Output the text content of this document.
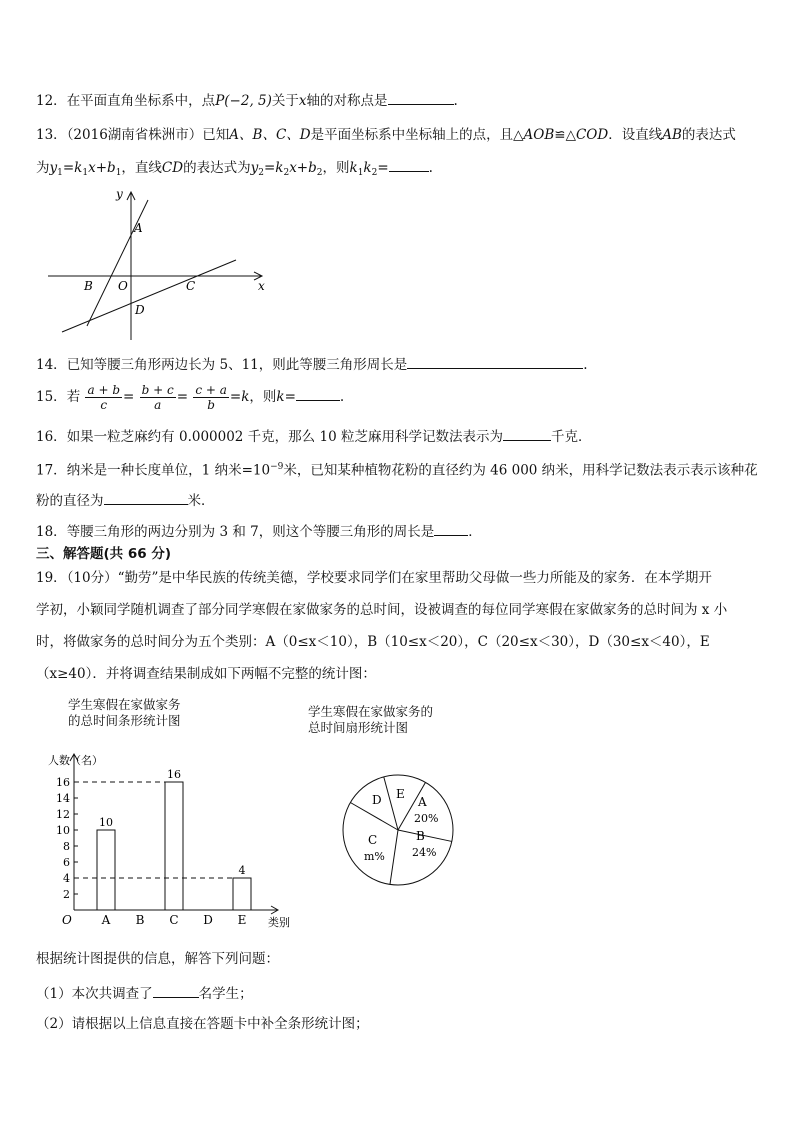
12．在平面直角坐标系中，点P(−2, 5)关于x轴的对称点是	.
13．（2016湖南省株洲市）已知A、B、C、D是平面坐标系中坐标轴上的点，且△AOB≌△COD．设直线AB的表达式
为$y_1=k_1x+b_1$，直线CD的表达式为$y_2=k_2x+b_2$，则$k_1k_2=$	.
y
x
A
B O	C
D
14．已知等腰三角形两边长为 5、11，则此等腰三角形周长是	.
15．若 $\frac{a + b}{c} = \frac{b + c}{a} = \frac{c + a}{b} =k$，则k=	.
16．如果一粒芝麻约有 0.000002 千克，那么 10 粒芝麻用科学记数法表示为	千克．
17．纳米是一种长度单位，1 纳米$=10^{-9}$米，已知某种植物花粉的直径约为 46 000 纳米，用科学记数法表示表示该种花
粉的直径为	米．
18．等腰三角形的两边分别为 3 和 7，则这个等腰三角形的周长是	．
三、解答题(共 66 分)
19．（10分）“勤劳”是中华民族的传统美德，学校要求同学们在家里帮助父母做一些力所能及的家务．在本学期开
学初，小颖同学随机调查了部分同学寒假在家做家务的总时间，设被调查的每位同学寒假在家做家务的总时间为 x 小
时，将做家务的总时间分为五个类别：A（0≤x＜10），B（10≤x＜20），C（20≤x＜30），D（30≤x＜40），E
（x≥40）．并将调查结果制成如下两幅不完整的统计图：
学生寒假在家做家务
的总时间条形统计图
学生寒假在家做家务的
总时间扇形统计图
人数（名）
类别
O
2
4
6
8
10
12
14
16
A
10
B C
16
D E
4
A
20%
B
24%
C
m%
D E
根据统计图提供的信息，解答下列问题：
（1）本次共调查了	名学生；
（2）请根据以上信息直接在答题卡中补全条形统计图；
